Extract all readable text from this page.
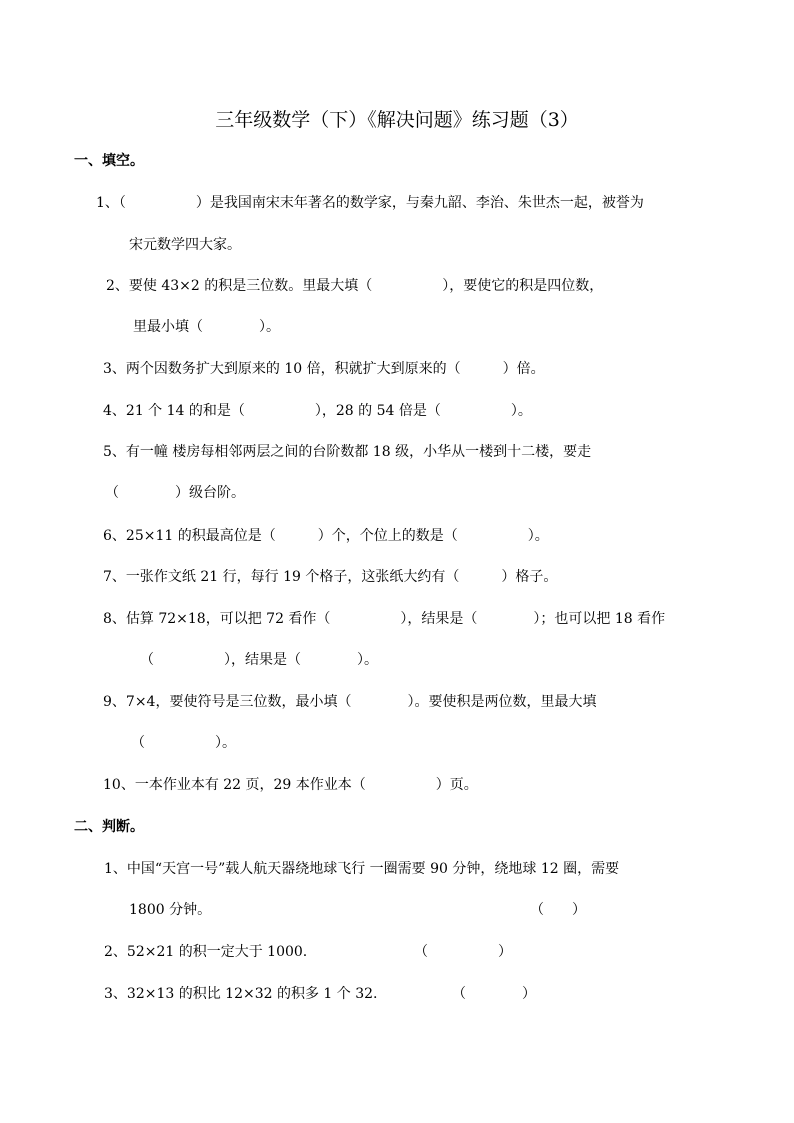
三年级数学（下）《解决问题》练习题（3）
一、填空。
1、（　　　　　）是我国南宋末年著名的数学家，与秦九韶、李治、朱世杰一起，被誉为
宋元数学四大家。
2、要使 43×2 的积是三位数。里最大填（　　　　　），要使它的积是四位数，
里最小填（　　　　）。
3、两个因数务扩大到原来的 10 倍，积就扩大到原来的（　　　）倍。
4、21 个 14 的和是（　　　　　），28 的 54 倍是（　　　　　）。
5、有一幢 楼房每相邻两层之间的台阶数都 18 级，小华从一楼到十二楼，要走
（　　　　）级台阶。
6、25×11 的积最高位是（　　　）个，个位上的数是（　　　　　）。
7、一张作文纸 21 行，每行 19 个格子，这张纸大约有（　　　）格子。
8、估算 72×18，可以把 72 看作（　　　　　），结果是（　　　　）；也可以把 18 看作
（　　　　　），结果是（　　　　）。
9、7×4，要使符号是三位数，最小填（　　　　）。要使积是两位数，里最大填
（　　　　　）。
10、一本作业本有 22 页，29 本作业本（　　　　　）页。
二、判断。
1、中国“天宫一号”载人航天器绕地球飞行 一圈需要 90 分钟，绕地球 12 圈，需要
1800 分钟。	（　　）
2、52×21 的积一定大于 1000.	（　　　　　）
3、32×13 的积比 12×32 的积多 1 个 32.	（　　　　）
